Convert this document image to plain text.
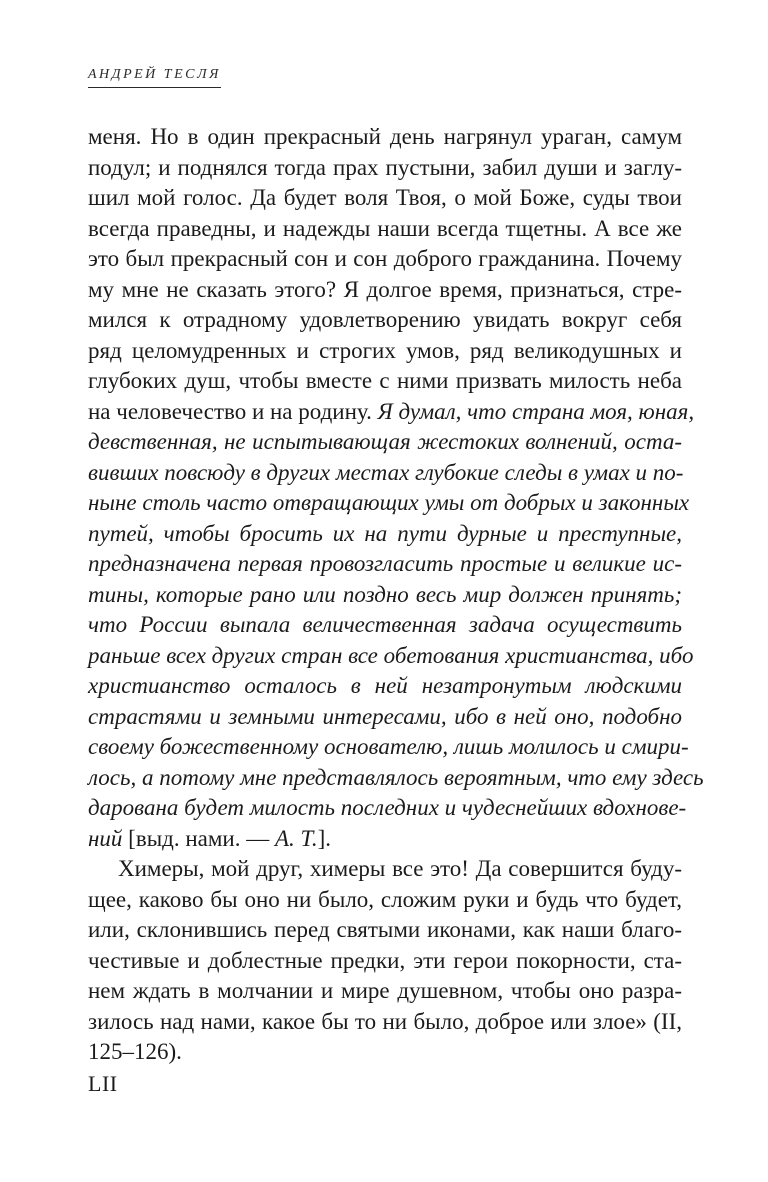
АНДРЕЙ ТЕСЛЯ
меня. Но в один прекрасный день нагрянул ураган, самум
подул; и поднялся тогда прах пустыни, забил души и заглу-
шил мой голос. Да будет воля Твоя, о мой Боже, суды твои
всегда праведны, и надежды наши всегда тщетны. А все же
это был прекрасный сон и сон доброго гражданина. Почему
му мне не сказать этого? Я долгое время, признаться, стре-
мился к отрадному удовлетворению увидать вокруг себя
ряд целомудренных и строгих умов, ряд великодушных и
глубоких душ, чтобы вместе с ними призвать милость неба
на человечество и на родину. Я думал, что страна моя, юная,
девственная, не испытывающая жестоких волнений, оста-
вивших повсюду в других местах глубокие следы в умах и по-
ныне столь часто отвращающих умы от добрых и законных
путей, чтобы бросить их на пути дурные и преступные,
предназначена первая провозгласить простые и великие ис-
тины, которые рано или поздно весь мир должен принять;
что России выпала величественная задача осуществить
раньше всех других стран все обетования христианства, ибо
христианство осталось в ней незатронутым людскими
страстями и земными интересами, ибо в ней оно, подобно
своему божественному основателю, лишь молилось и смири-
лось, а потому мне представлялось вероятным, что ему здесь
дарована будет милость последних и чудеснейших вдохнове-
ний [выд. нами. — А. Т.].
Химеры, мой друг, химеры все это! Да совершится буду-
щее, каково бы оно ни было, сложим руки и будь что будет,
или, склонившись перед святыми иконами, как наши благо-
честивые и доблестные предки, эти герои покорности, ста-
нем ждать в молчании и мире душевном, чтобы оно разра-
зилось над нами, какое бы то ни было, доброе или злое» (II,
125–126).
LII
